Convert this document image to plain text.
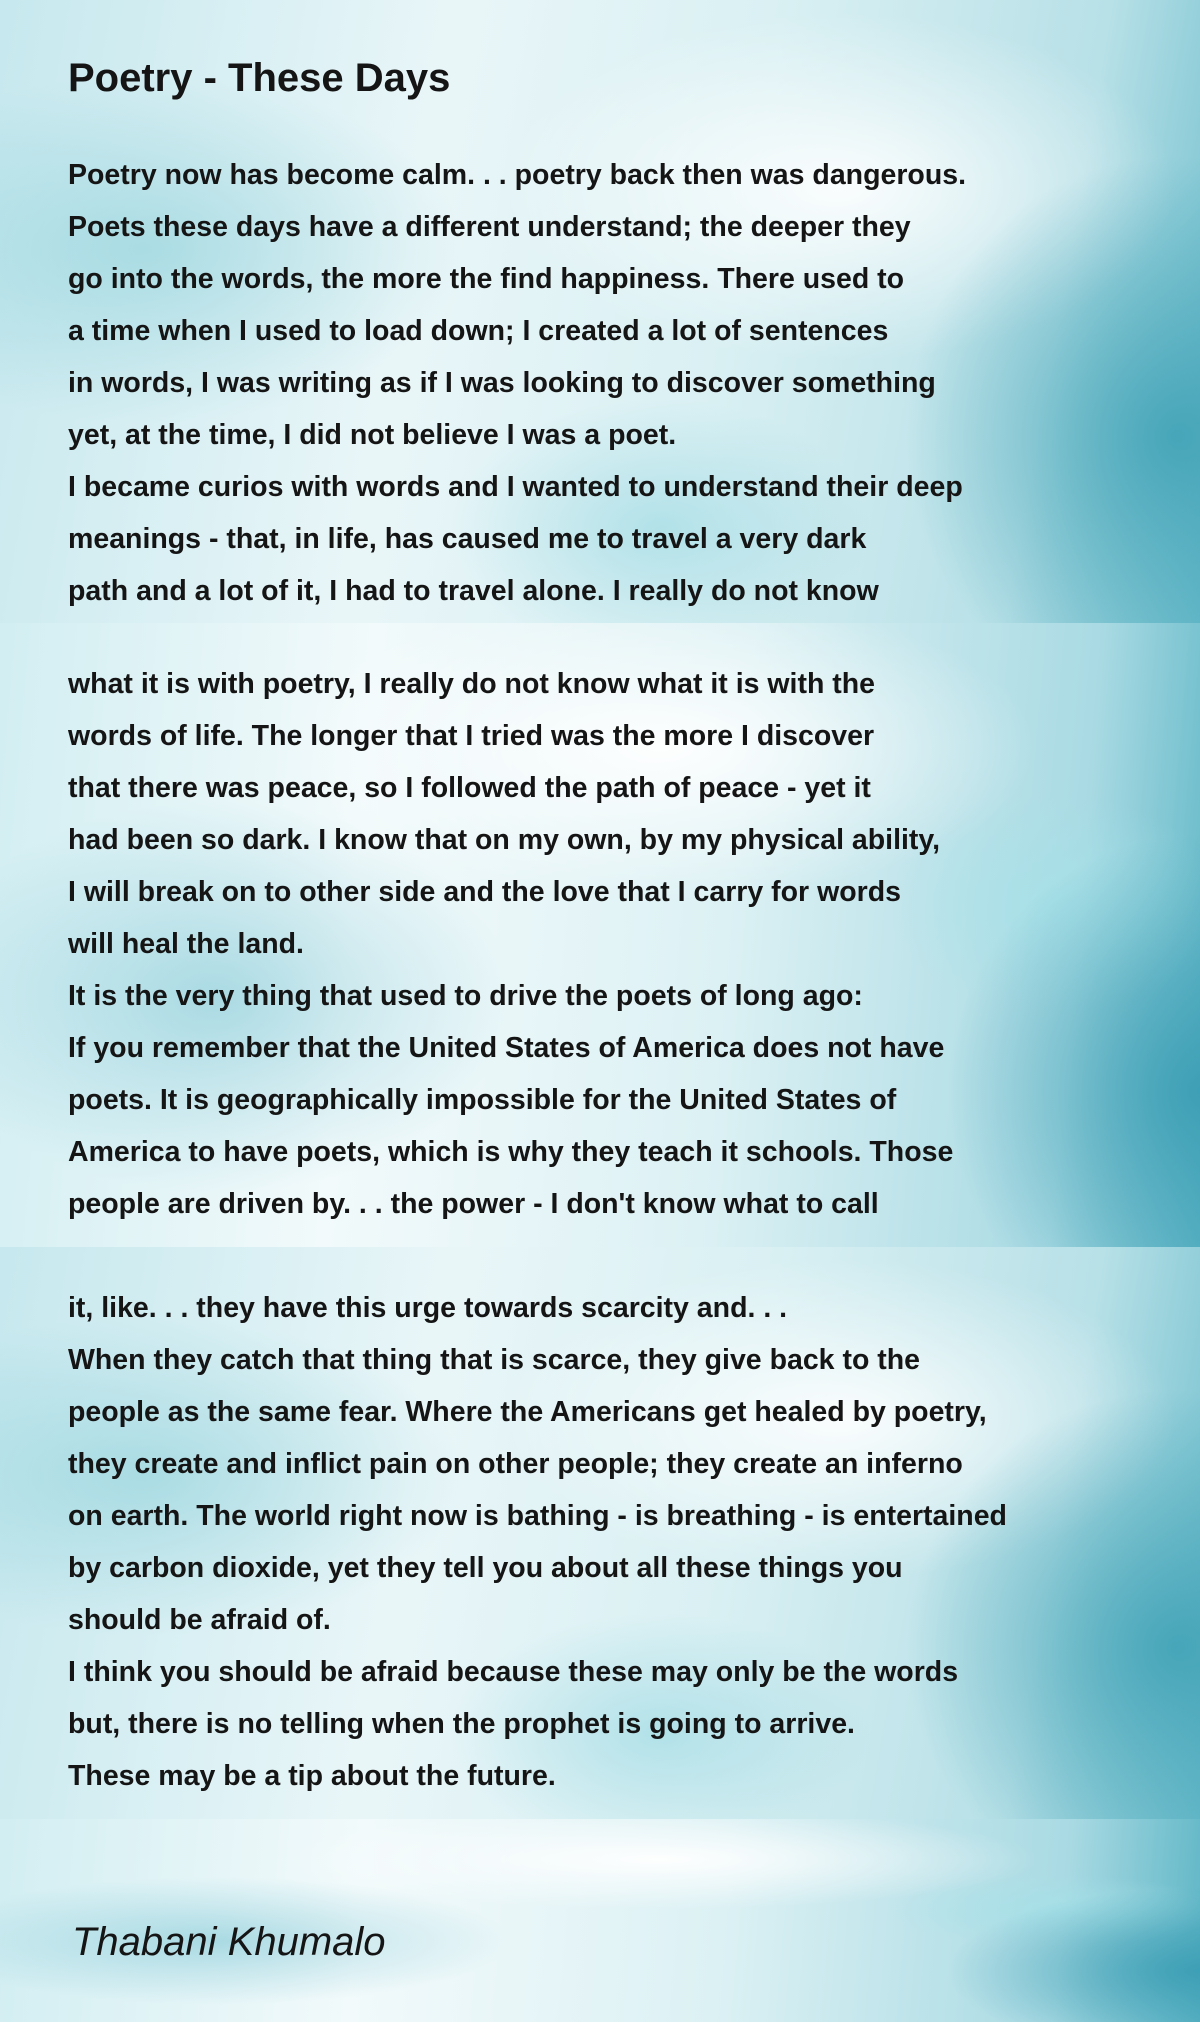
Poetry - These Days
Poetry now has become calm. . . poetry back then was dangerous.
Poets these days have a different understand; the deeper they
go into the words, the more the find happiness. There used to
a time when I used to load down; I created a lot of sentences
in words, I was writing as if I was looking to discover something
yet, at the time, I did not believe I was a poet.
I became curios with words and I wanted to understand their deep
meanings - that, in life, has caused me to travel a very dark
path and a lot of it, I had to travel alone. I really do not know
what it is with poetry, I really do not know what it is with the
words of life. The longer that I tried was the more I discover
that there was peace, so I followed the path of peace - yet it
had been so dark. I know that on my own, by my physical ability,
I will break on to other side and the love that I carry for words
will heal the land.
It is the very thing that used to drive the poets of long ago:
If you remember that the United States of America does not have
poets. It is geographically impossible for the United States of
America to have poets, which is why they teach it schools. Those
people are driven by. . . the power - I don't know what to call
it, like. . . they have this urge towards scarcity and. . .
When they catch that thing that is scarce, they give back to the
people as the same fear. Where the Americans get healed by poetry,
they create and inflict pain on other people; they create an inferno
on earth. The world right now is bathing - is breathing - is entertained
by carbon dioxide, yet they tell you about all these things you
should be afraid of.
I think you should be afraid because these may only be the words
but, there is no telling when the prophet is going to arrive.
These may be a tip about the future.
Thabani Khumalo
